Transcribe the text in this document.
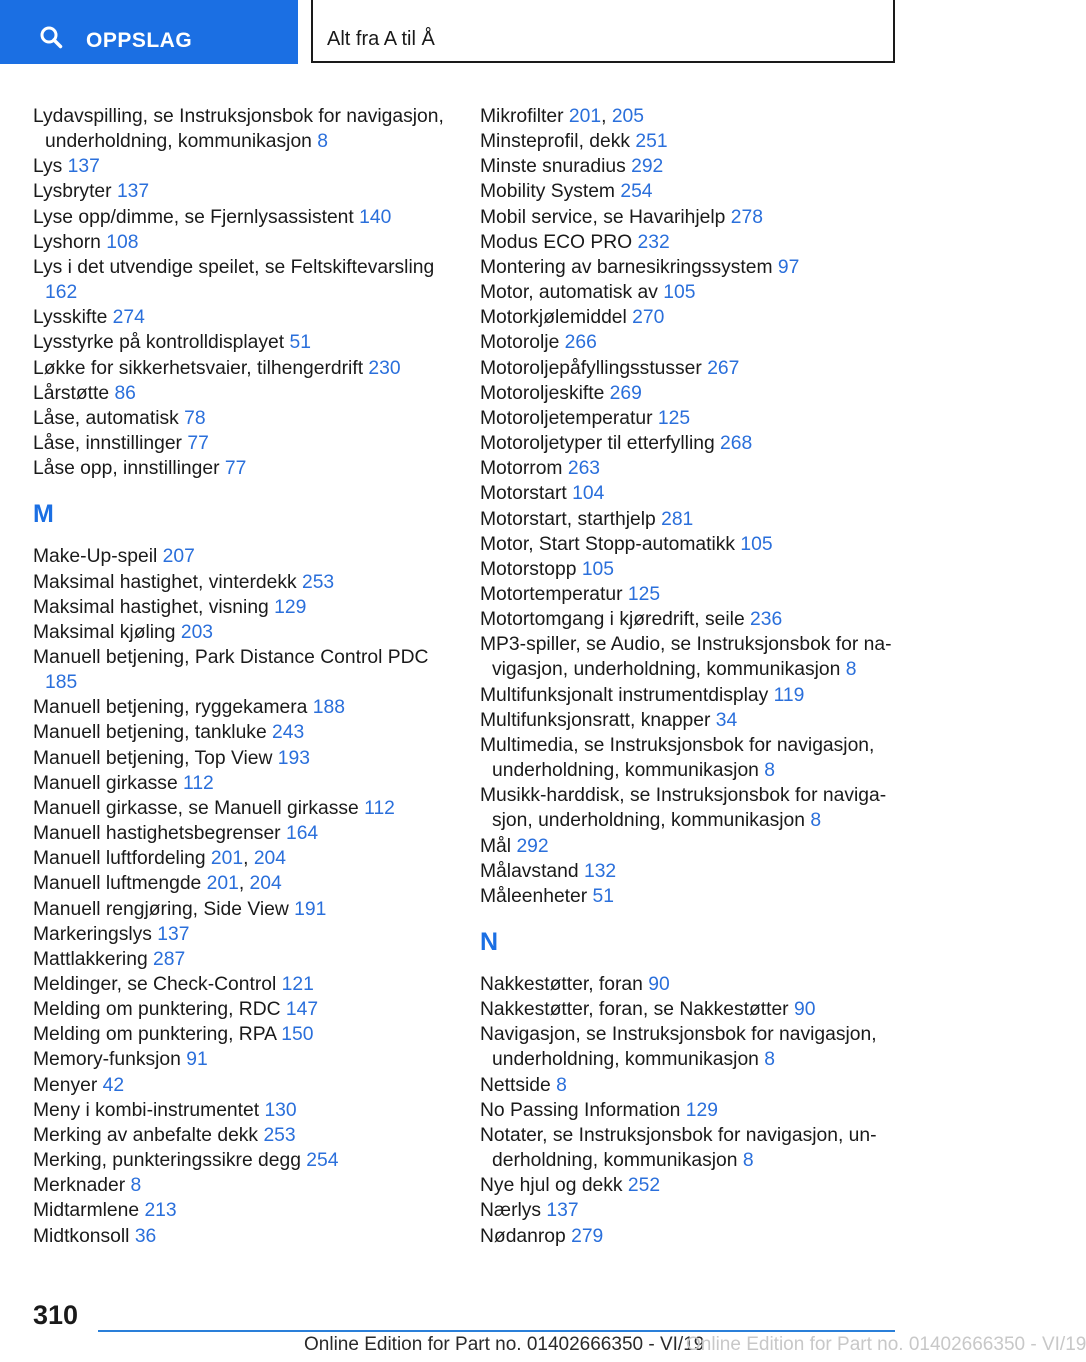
OPPSLAG	Alt fra A til Å
Lydavspilling, se Instruksjonsbok for navigasjon, underholdning, kommunikasjon 8
Lys 137
Lysbryter 137
Lyse opp/dimme, se Fjernlysassistent 140
Lyshorn 108
Lys i det utvendige speilet, se Feltskiftevarsling 162
Lysskifte 274
Lysstyrke på kontrolldisplayet 51
Løkke for sikkerhetsvaier, tilhengerdrift 230
Lårstøtte 86
Låse, automatisk 78
Låse, innstillinger 77
Låse opp, innstillinger 77
M
Make-Up-speil 207
Maksimal hastighet, vinterdekk 253
Maksimal hastighet, visning 129
Maksimal kjøling 203
Manuell betjening, Park Distance Control PDC 185
Manuell betjening, ryggekamera 188
Manuell betjening, tankluke 243
Manuell betjening, Top View 193
Manuell girkasse 112
Manuell girkasse, se Manuell girkasse 112
Manuell hastighetsbegrenser 164
Manuell luftfordeling 201, 204
Manuell luftmengde 201, 204
Manuell rengjøring, Side View 191
Markeringslys 137
Mattlakkering 287
Meldinger, se Check-Control 121
Melding om punktering, RDC 147
Melding om punktering, RPA 150
Memory-funksjon 91
Menyer 42
Meny i kombi-instrumentet 130
Merking av anbefalte dekk 253
Merking, punkteringssikre degg 254
Merknader 8
Midtarmlene 213
Midtkonsoll 36
Mikrofilter 201, 205
Minsteprofil, dekk 251
Minste snuradius 292
Mobility System 254
Mobil service, se Havarihjelp 278
Modus ECO PRO 232
Montering av barnesikringssystem 97
Motor, automatisk av 105
Motorkjølemiddel 270
Motorolje 266
Motoroljepåfyllingsstusser 267
Motoroljeskifte 269
Motoroljetemperatur 125
Motoroljetyper til etterfylling 268
Motorrom 263
Motorstart 104
Motorstart, starthjelp 281
Motor, Start Stopp-automatikk 105
Motorstopp 105
Motortemperatur 125
Motortomgang i kjøredrift, seile 236
MP3-spiller, se Audio, se Instruksjonsbok for navigasjon, underholdning, kommunikasjon 8
Multifunksjonalt instrumentdisplay 119
Multifunksjonsratt, knapper 34
Multimedia, se Instruksjonsbok for navigasjon, underholdning, kommunikasjon 8
Musikk-harddisk, se Instruksjonsbok for navigasjon, underholdning, kommunikasjon 8
Mål 292
Målavstand 132
Måleenheter 51
N
Nakkestøtter, foran 90
Nakkestøtter, foran, se Nakkestøtter 90
Navigasjon, se Instruksjonsbok for navigasjon, underholdning, kommunikasjon 8
Nettside 8
No Passing Information 129
Notater, se Instruksjonsbok for navigasjon, underholdning, kommunikasjon 8
Nye hjul og dekk 252
Nærlys 137
Nødanrop 279
310
Online Edition for Part no. 01402666350 - VI/19
Online Edition for Part no. 01402666350 - VI/19
